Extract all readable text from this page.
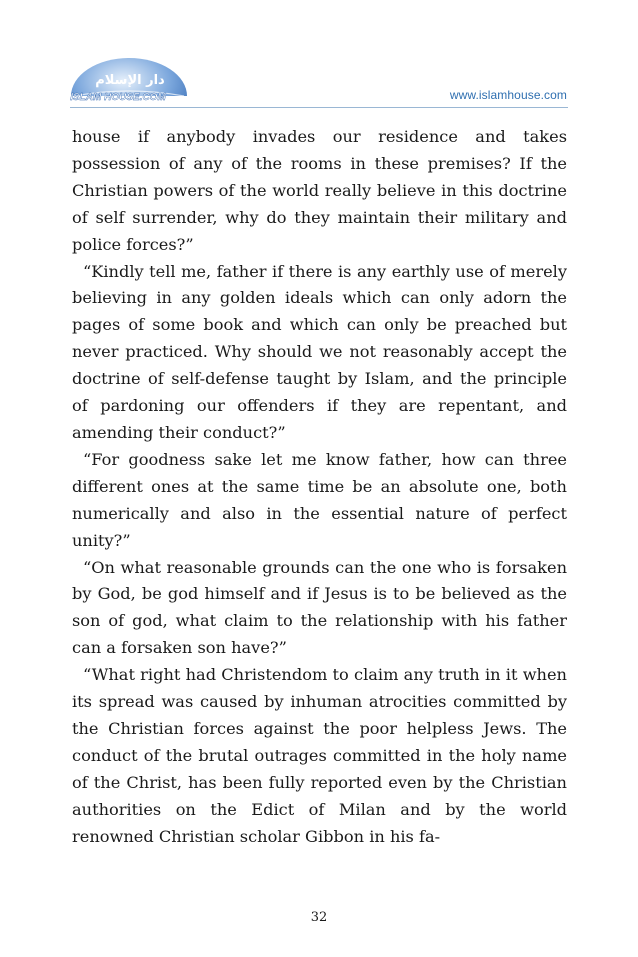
دار الإسلام
ISLAM HOUSE.COM	www.islamhouse.com

house if anybody invades our residence and takes possession of any of the rooms in these premises? If the Christian powers of the world really believe in this doctrine of self surrender, why do they maintain their military and police forces?”

“Kindly tell me, father if there is any earthly use of merely believing in any golden ideals which can only adorn the pages of some book and which can only be preached but never practiced. Why should we not reasonably accept the doctrine of self-defense taught by Islam, and the principle of pardoning our offenders if they are repentant, and amending their conduct?”

“For goodness sake let me know father, how can three different ones at the same time be an absolute one, both numerically and also in the essential nature of perfect unity?”

“On what reasonable grounds can the one who is forsaken by God, be god himself and if Jesus is to be believed as the son of god, what claim to the relationship with his father can a forsaken son have?”

“What right had Christendom to claim any truth in it when its spread was caused by inhuman atrocities committed by the Christian forces against the poor helpless Jews. The conduct of the brutal outrages committed in the holy name of the Christ, has been fully reported even by the Christian authorities on the Edict of Milan and by the world renowned Christian scholar Gibbon in his fa-

32
